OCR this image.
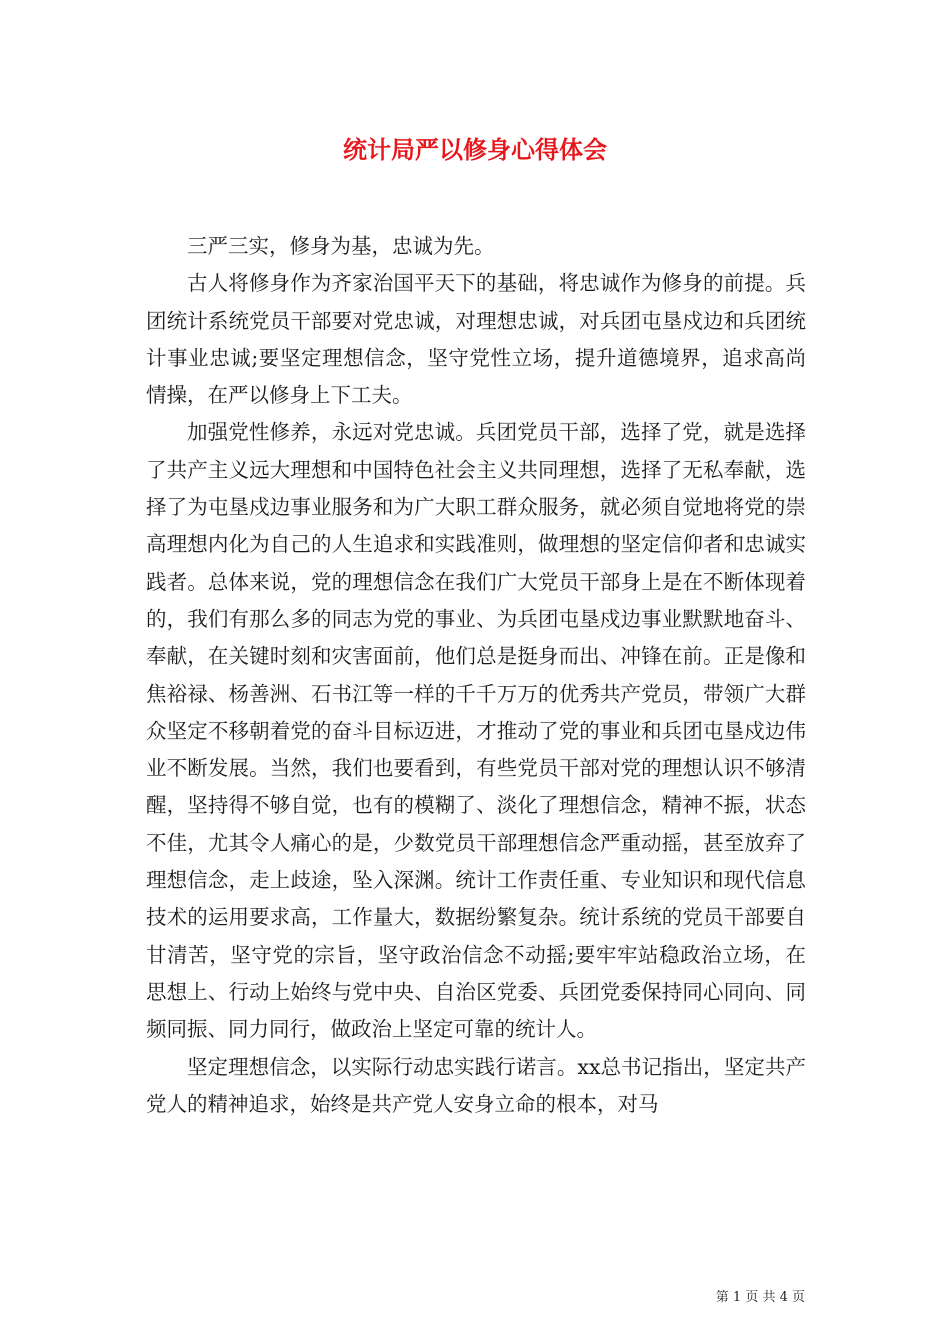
统计局严以修身心得体会

三严三实，修身为基，忠诚为先。

古人将修身作为齐家治国平天下的基础，将忠诚作为修身的前提。兵团统计系统党员干部要对党忠诚，对理想忠诚，对兵团屯垦戍边和兵团统计事业忠诚;要坚定理想信念，坚守党性立场，提升道德境界，追求高尚情操，在严以修身上下工夫。

加强党性修养，永远对党忠诚。兵团党员干部，选择了党，就是选择了共产主义远大理想和中国特色社会主义共同理想，选择了无私奉献，选择了为屯垦戍边事业服务和为广大职工群众服务，就必须自觉地将党的崇高理想内化为自己的人生追求和实践准则，做理想的坚定信仰者和忠诚实践者。总体来说，党的理想信念在我们广大党员干部身上是在不断体现着的，我们有那么多的同志为党的事业、为兵团屯垦戍边事业默默地奋斗、奉献，在关键时刻和灾害面前，他们总是挺身而出、冲锋在前。正是像和焦裕禄、杨善洲、石书江等一样的千千万万的优秀共产党员，带领广大群众坚定不移朝着党的奋斗目标迈进，才推动了党的事业和兵团屯垦戍边伟业不断发展。当然，我们也要看到，有些党员干部对党的理想认识不够清醒，坚持得不够自觉，也有的模糊了、淡化了理想信念，精神不振，状态不佳，尤其令人痛心的是，少数党员干部理想信念严重动摇，甚至放弃了理想信念，走上歧途，坠入深渊。统计工作责任重、专业知识和现代信息技术的运用要求高，工作量大，数据纷繁复杂。统计系统的党员干部要自甘清苦，坚守党的宗旨，坚守政治信念不动摇;要牢牢站稳政治立场，在思想上、行动上始终与党中央、自治区党委、兵团党委保持同心同向、同频同振、同力同行，做政治上坚定可靠的统计人。

坚定理想信念，以实际行动忠实践行诺言。xx总书记指出，坚定共产党人的精神追求，始终是共产党人安身立命的根本，对马

第 1 页 共 4 页
